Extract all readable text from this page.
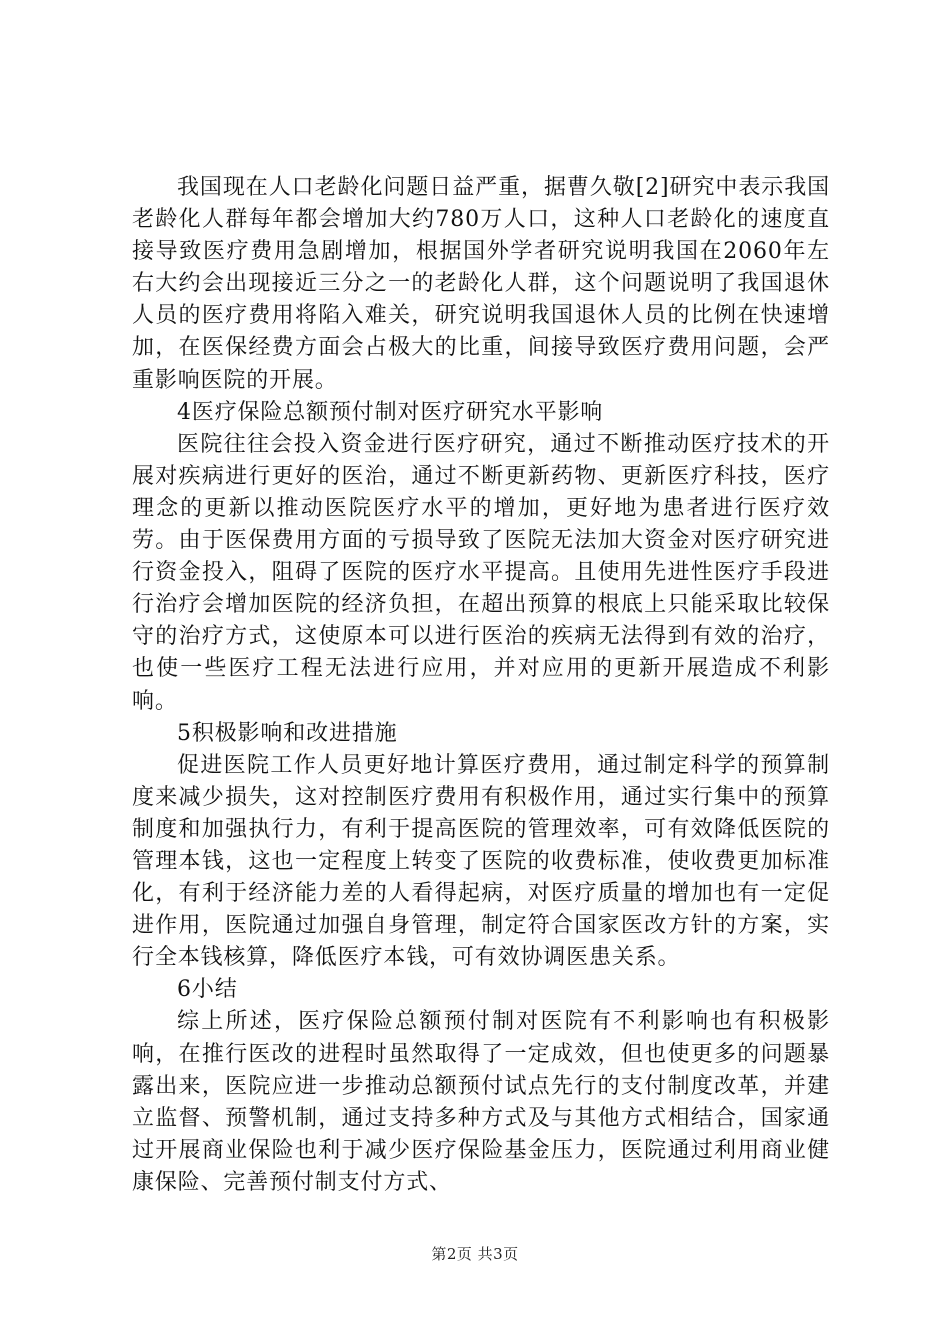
我国现在人口老龄化问题日益严重，据曹久敬[2]研究中表示我国老龄化人群每年都会增加大约780万人口，这种人口老龄化的速度直接导致医疗费用急剧增加，根据国外学者研究说明我国在2060年左右大约会出现接近三分之一的老龄化人群，这个问题说明了我国退休人员的医疗费用将陷入难关，研究说明我国退休人员的比例在快速增加，在医保经费方面会占极大的比重，间接导致医疗费用问题，会严重影响医院的开展。

4医疗保险总额预付制对医疗研究水平影响

医院往往会投入资金进行医疗研究，通过不断推动医疗技术的开展对疾病进行更好的医治，通过不断更新药物、更新医疗科技，医疗理念的更新以推动医院医疗水平的增加，更好地为患者进行医疗效劳。由于医保费用方面的亏损导致了医院无法加大资金对医疗研究进行资金投入，阻碍了医院的医疗水平提高。且使用先进性医疗手段进行治疗会增加医院的经济负担，在超出预算的根底上只能采取比较保守的治疗方式，这使原本可以进行医治的疾病无法得到有效的治疗，也使一些医疗工程无法进行应用，并对应用的更新开展造成不利影响。

5积极影响和改进措施

促进医院工作人员更好地计算医疗费用，通过制定科学的预算制度来减少损失，这对控制医疗费用有积极作用，通过实行集中的预算制度和加强执行力，有利于提高医院的管理效率，可有效降低医院的管理本钱，这也一定程度上转变了医院的收费标准，使收费更加标准化，有利于经济能力差的人看得起病，对医疗质量的增加也有一定促进作用，医院通过加强自身管理，制定符合国家医改方针的方案，实行全本钱核算，降低医疗本钱，可有效协调医患关系。

6小结

综上所述，医疗保险总额预付制对医院有不利影响也有积极影响，在推行医改的进程时虽然取得了一定成效，但也使更多的问题暴露出来，医院应进一步推动总额预付试点先行的支付制度改革，并建立监督、预警机制，通过支持多种方式及与其他方式相结合，国家通过开展商业保险也利于减少医疗保险基金压力，医院通过利用商业健康保险、完善预付制支付方式、

第2页 共3页
